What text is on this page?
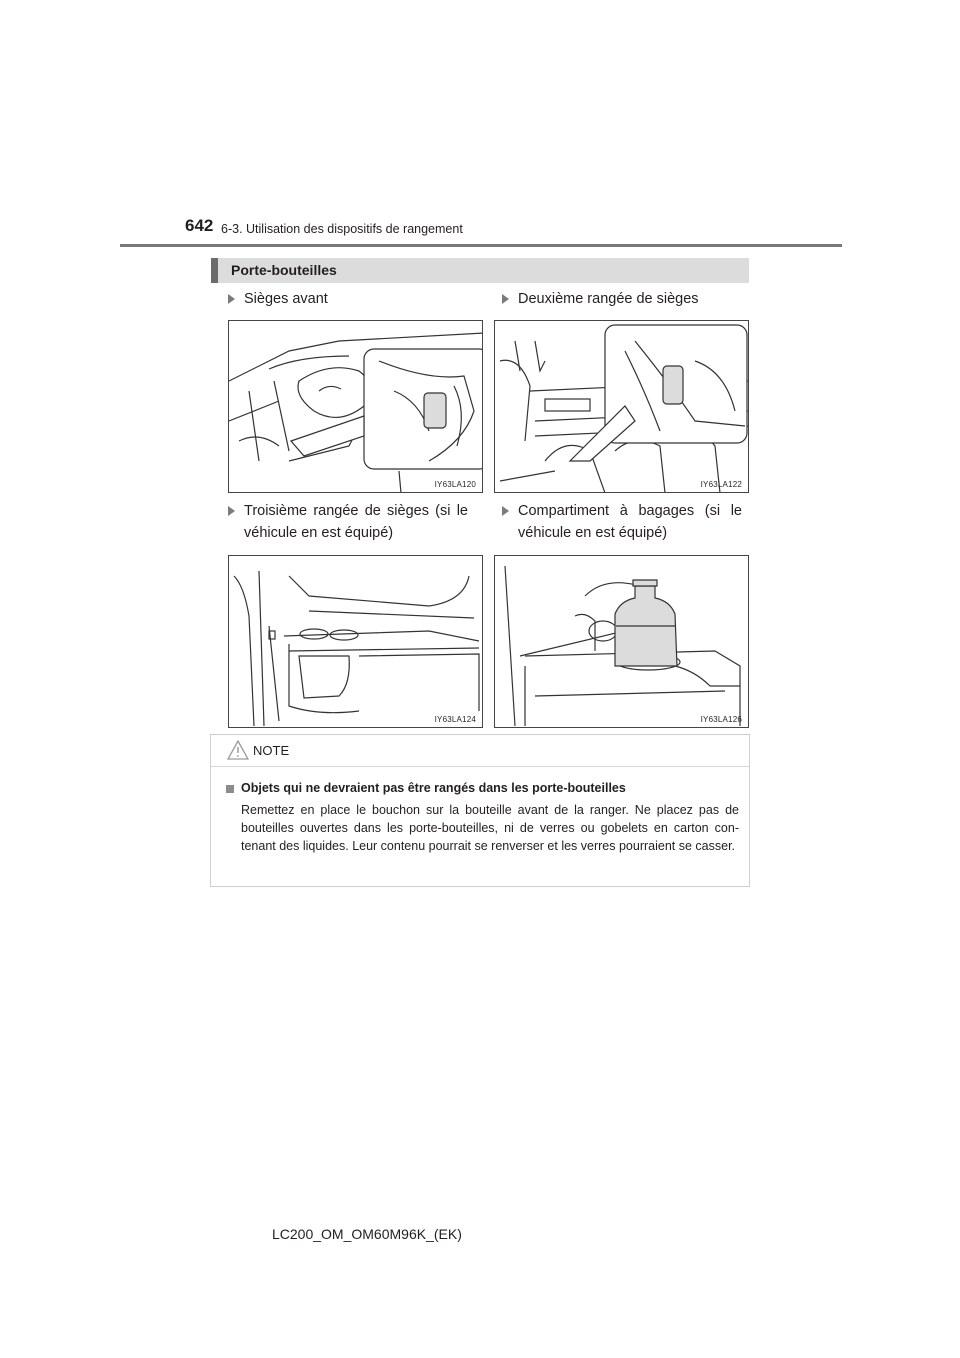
642 6-3. Utilisation des dispositifs de rangement
Porte-bouteilles
Sièges avant	Deuxième rangée de sièges
Troisième rangée de sièges (si le véhicule en est équipé)
Compartiment à bagages (si le véhicule en est équipé)
IY63LA120	IY63LA122
IY63LA124	IY63LA126
NOTE
Objets qui ne devraient pas être rangés dans les porte-bouteilles
Remettez en place le bouchon sur la bouteille avant de la ranger. Ne placez pas de bouteilles ouvertes dans les porte-bouteilles, ni de verres ou gobelets en carton con-tenant des liquides. Leur contenu pourrait se renverser et les verres pourraient se casser.
LC200_OM_OM60M96K_(EK)
